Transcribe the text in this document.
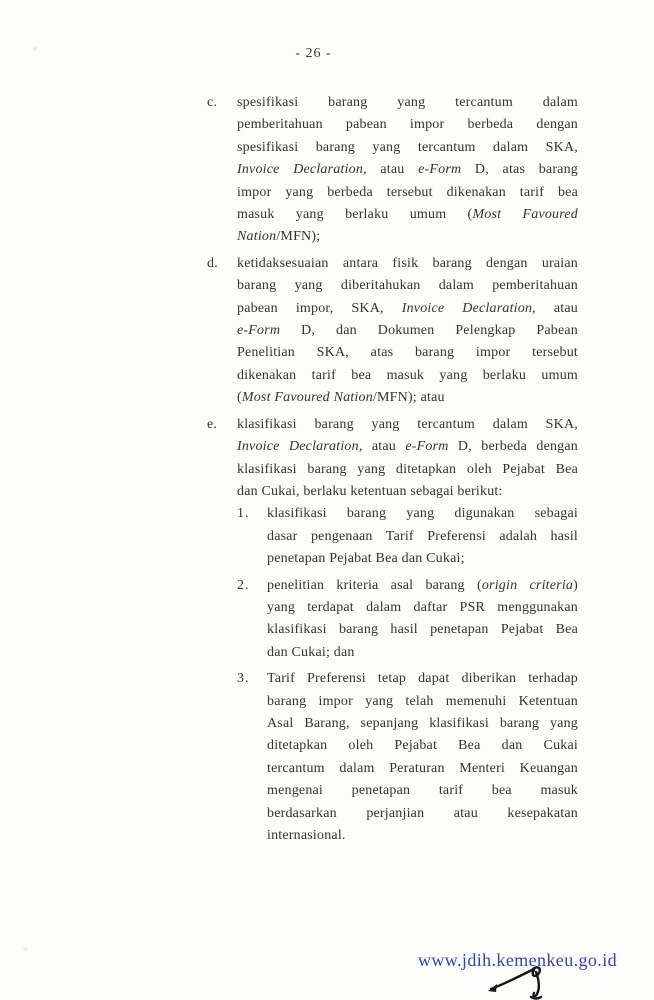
- 26 -
c.	spesifikasi barang yang tercantum dalam
pemberitahuan pabean impor berbeda dengan
spesifikasi barang yang tercantum dalam SKA,
Invoice Declaration, atau e-Form D, atas barang
impor yang berbeda tersebut dikenakan tarif bea
masuk yang berlaku umum (Most Favoured
Nation/MFN);
d.	ketidaksesuaian antara fisik barang dengan uraian
barang yang diberitahukan dalam pemberitahuan
pabean impor, SKA, Invoice Declaration, atau
e-Form D, dan Dokumen Pelengkap Pabean
Penelitian SKA, atas barang impor tersebut
dikenakan tarif bea masuk yang berlaku umum
(Most Favoured Nation/MFN); atau
e.	klasifikasi barang yang tercantum dalam SKA,
Invoice Declaration, atau e-Form D, berbeda dengan
klasifikasi barang yang ditetapkan oleh Pejabat Bea
dan Cukai, berlaku ketentuan sebagai berikut:
1.	klasifikasi barang yang digunakan sebagai
dasar pengenaan Tarif Preferensi adalah hasil
penetapan Pejabat Bea dan Cukai;
2.	penelitian kriteria asal barang (origin criteria)
yang terdapat dalam daftar PSR menggunakan
klasifikasi barang hasil penetapan Pejabat Bea
dan Cukai; dan
3.	Tarif Preferensi tetap dapat diberikan terhadap
barang impor yang telah memenuhi Ketentuan
Asal Barang, sepanjang klasifikasi barang yang
ditetapkan oleh Pejabat Bea dan Cukai
tercantum dalam Peraturan Menteri Keuangan
mengenai penetapan tarif bea masuk
berdasarkan perjanjian atau kesepakatan
internasional.
www.jdih.kemenkeu.go.id
